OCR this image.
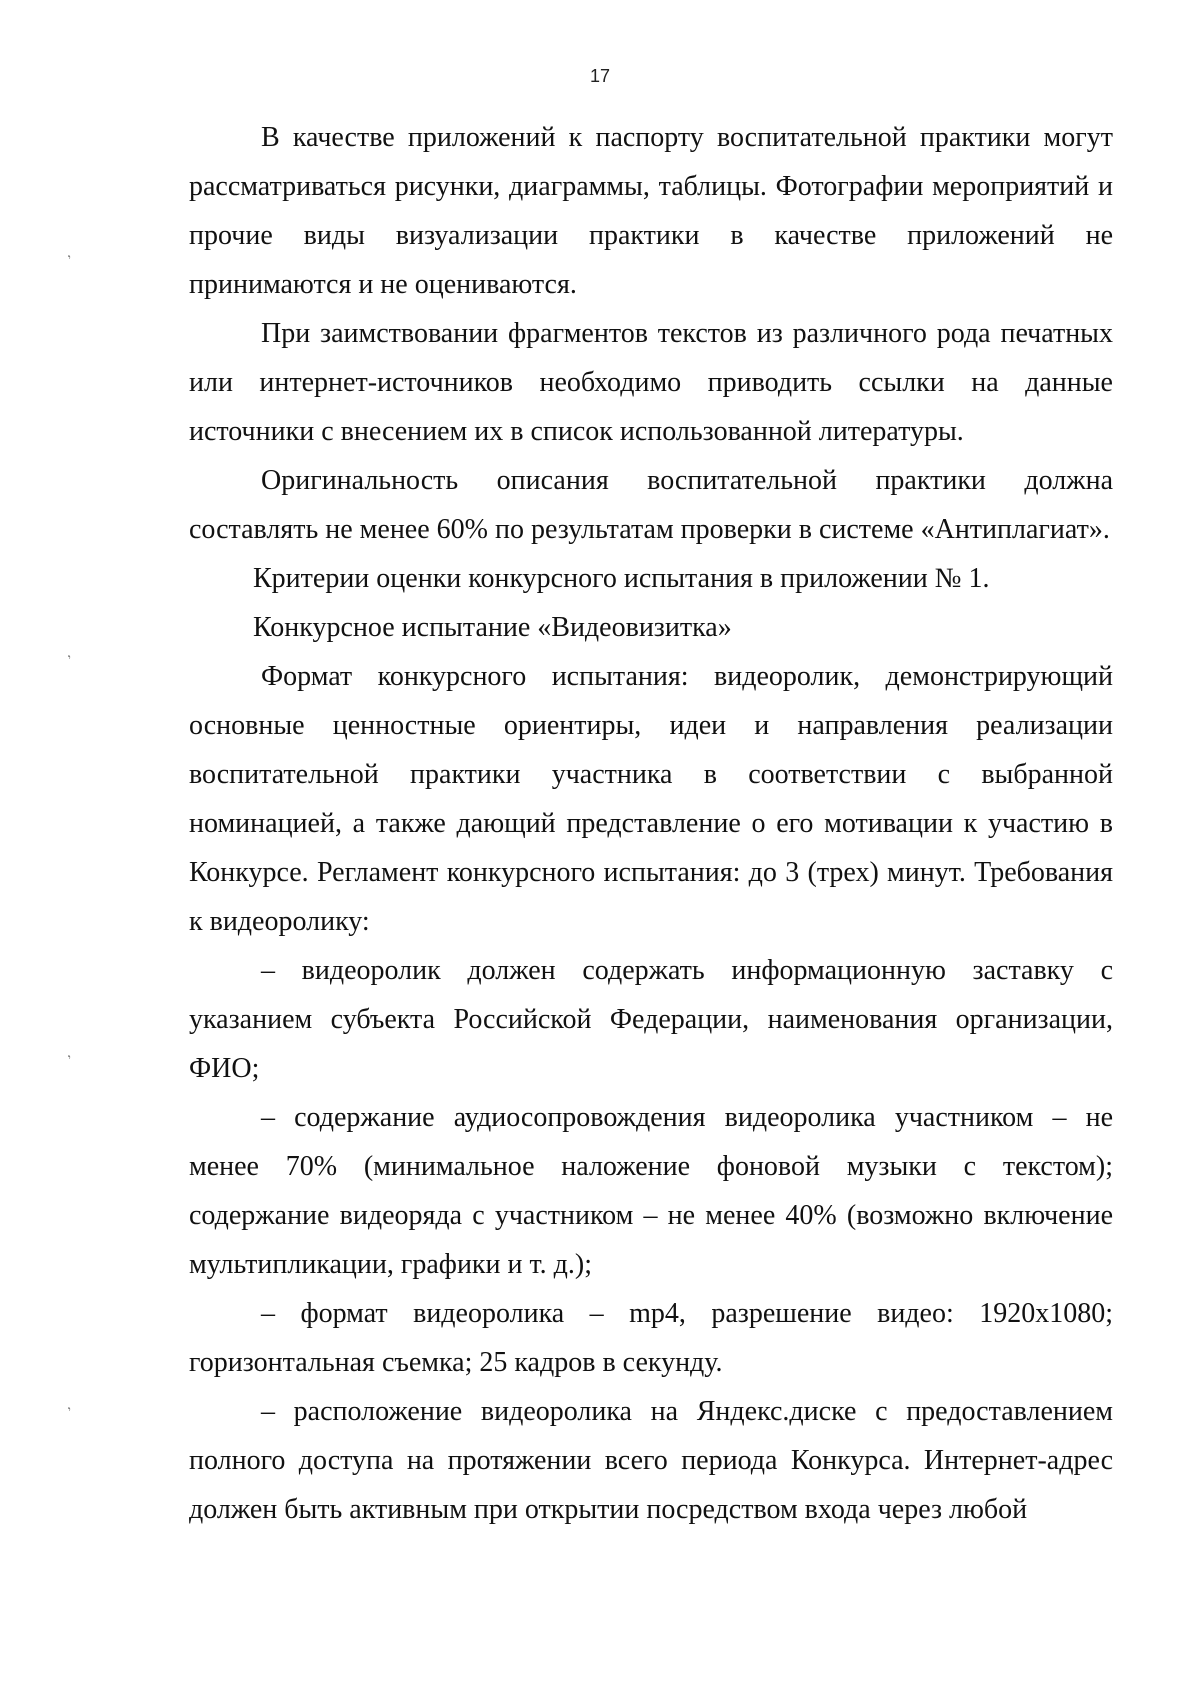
17
,
,
,
,

В качестве приложений к паспорту воспитательной практики могут рассматриваться рисунки, диаграммы, таблицы. Фотографии мероприятий и прочие виды визуализации практики в качестве приложений не принимаются и не оцениваются.

При заимствовании фрагментов текстов из различного рода печатных или интернет-источников необходимо приводить ссылки на данные источники с внесением их в список использованной литературы.

Оригинальность описания воспитательной практики должна составлять не менее 60% по результатам проверки в системе «Антиплагиат».

Критерии оценки конкурсного испытания в приложении № 1.

Конкурсное испытание «Видеовизитка»

Формат конкурсного испытания: видеоролик, демонстрирующий основные ценностные ориентиры, идеи и направления реализации воспитательной практики участника в соответствии с выбранной номинацией, а также дающий представление о его мотивации к участию в Конкурсе. Регламент конкурсного испытания: до 3 (трех) минут. Требования к видеоролику:

– видеоролик должен содержать информационную заставку с указанием субъекта Российской Федерации, наименования организации, ФИО;

– содержание аудиосопровождения видеоролика участником – не менее 70% (минимальное наложение фоновой музыки с текстом); содержание видеоряда с участником – не менее 40% (возможно включение мультипликации, графики и т. д.);

– формат видеоролика – mp4, разрешение видео: 1920x1080; горизонтальная съемка; 25 кадров в секунду.

– расположение видеоролика на Яндекс.диске с предоставлением полного доступа на протяжении всего периода Конкурса. Интернет-адрес должен быть активным при открытии посредством входа через любой
